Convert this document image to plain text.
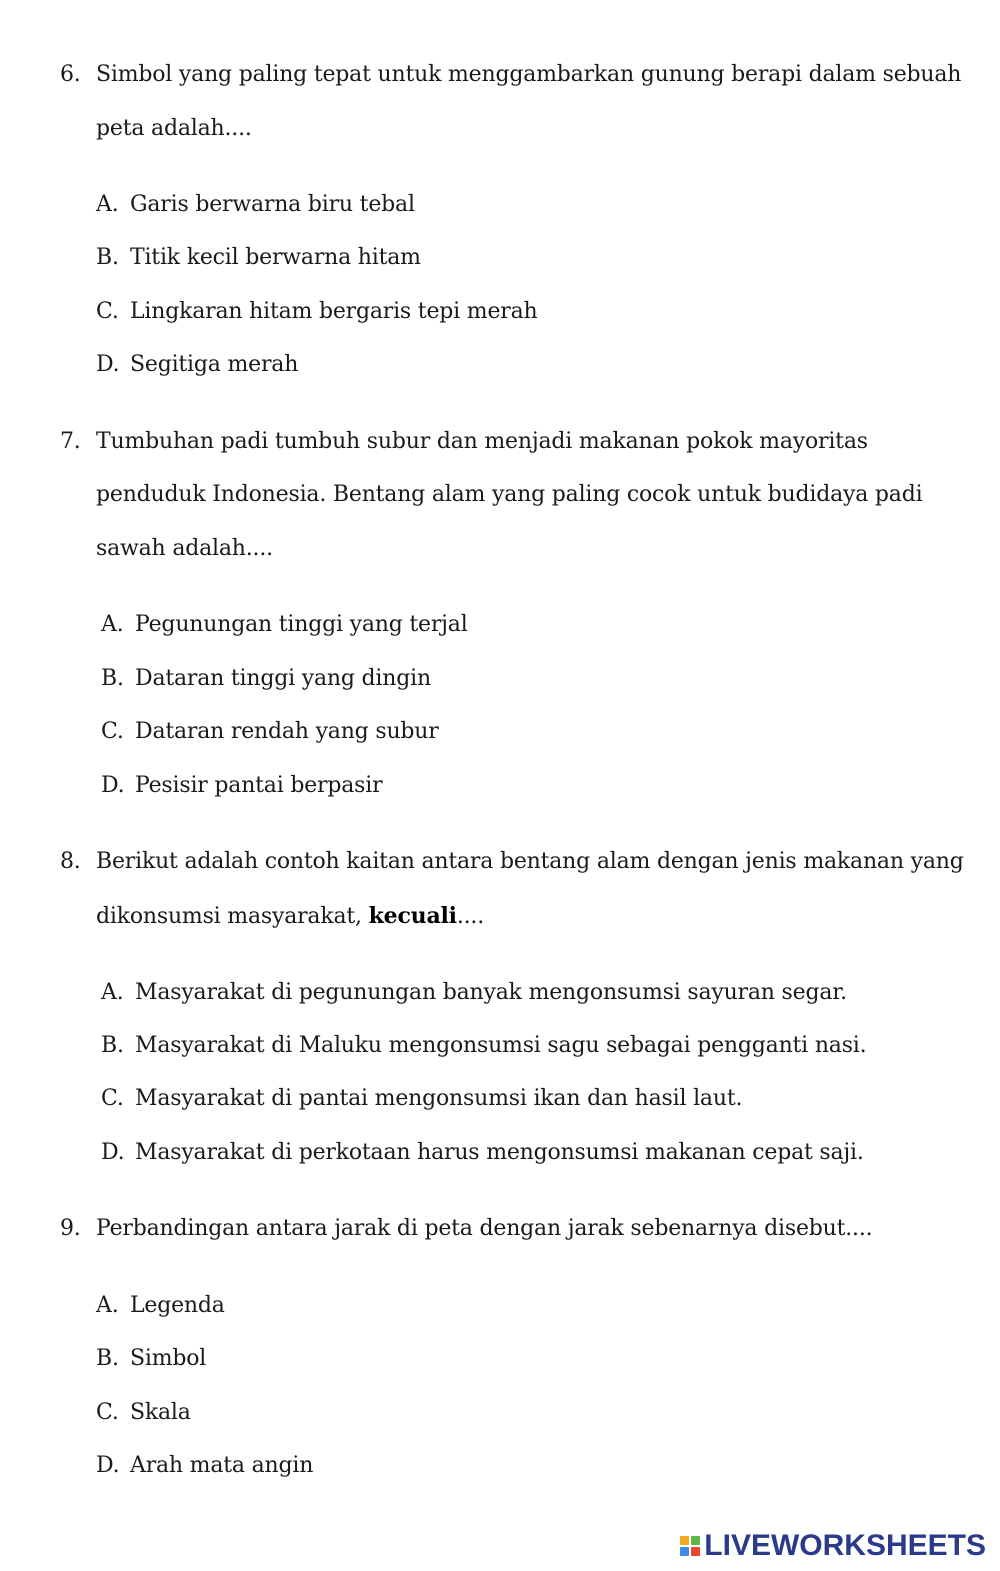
6. Simbol yang paling tepat untuk menggambarkan gunung berapi dalam sebuah
peta adalah....
A. Garis berwarna biru tebal
B. Titik kecil berwarna hitam
C. Lingkaran hitam bergaris tepi merah
D. Segitiga merah
7. Tumbuhan padi tumbuh subur dan menjadi makanan pokok mayoritas
penduduk Indonesia. Bentang alam yang paling cocok untuk budidaya padi
sawah adalah....
A. Pegunungan tinggi yang terjal
B. Dataran tinggi yang dingin
C. Dataran rendah yang subur
D. Pesisir pantai berpasir
8. Berikut adalah contoh kaitan antara bentang alam dengan jenis makanan yang
dikonsumsi masyarakat, kecuali....
A. Masyarakat di pegunungan banyak mengonsumsi sayuran segar.
B. Masyarakat di Maluku mengonsumsi sagu sebagai pengganti nasi.
C. Masyarakat di pantai mengonsumsi ikan dan hasil laut.
D. Masyarakat di perkotaan harus mengonsumsi makanan cepat saji.
9. Perbandingan antara jarak di peta dengan jarak sebenarnya disebut....
A. Legenda
B. Simbol
C. Skala
D. Arah mata angin
LIVEWORKSHEETS
